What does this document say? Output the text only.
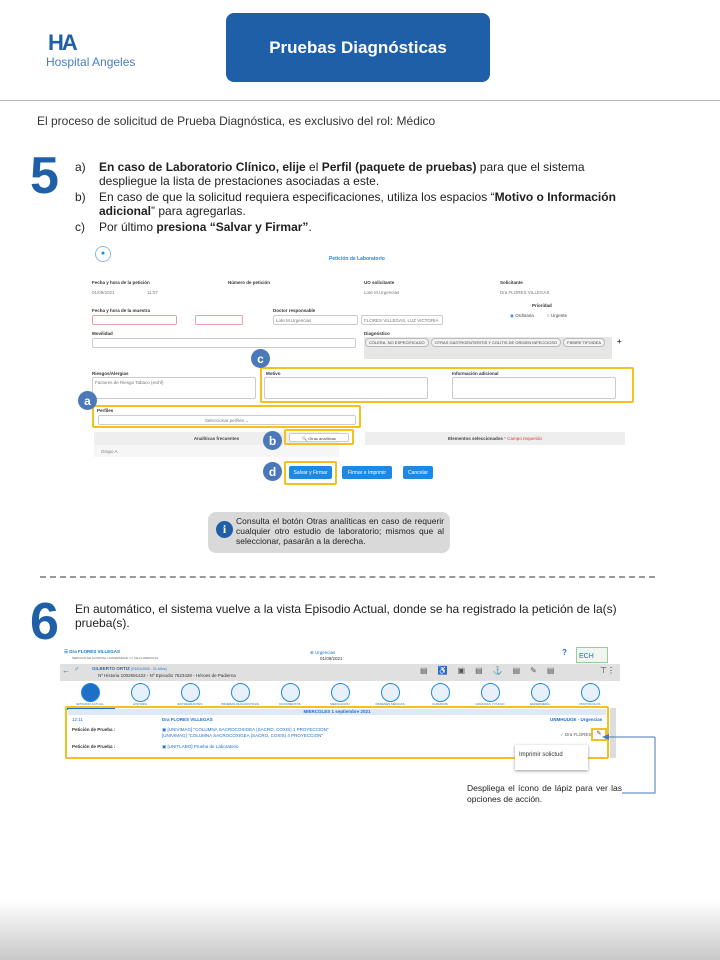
HA
Hospital Angeles
Pruebas Diagnósticas
El proceso de solicitud de Prueba Diagnóstica, es exclusivo del rol: Médico
5 a)	En caso de Laboratorio Clínico, elije el Perfil (paquete de pruebas) para que el sistema despliegue la lista de prestaciones asociadas a este.
b)	En caso de que la solicitud requiera especificaciones, utiliza los espacios “Motivo o Información adicional” para agregarlas.
c)	Por último presiona “Salvar y Firmar”.
●
Petición de Laboratorio
Fecha y hora de la petición
01/09/2021	11:07
Número de petición	UO solicitante
Lote M.Urgencias
Solicitante
Dra FLORES VILLEGAS
Fecha y hora de la muestra	Doctor responsable
Lote M.Urgencias	FLORES VILLEGAS, LUZ VICTORIA
Prioridad
◉ Ordinaria	○ Urgente
Movilidad	Diagnóstico
CÓLERA, NO ESPECIFICADO	OTRAS GASTROENTERITIS Y COLITIS DE ORIGEN INFECCIOSO	FIEBRE TIFOIDEA	+
Riesgos/Alergias
Factores de Riesgo Tabaco (ecihf)
Motivo	Información adicional
Perfiles
Seleccionar perfiles ⌄
Analíticas frecuentes
Grupo A
🔍 Otras analíticas	Elementos seleccionados * Campo requerido
Salvar y Firmar	Firmar e Imprimir	Cancelar
c
a
b
d
i
Consulta el botón Otras analíticas en caso de requerir cualquier otro estudio de laboratorio; mismos que al seleccionar, pasarán a la derecha.
6 En automático, el sistema vuelve a la vista Episodio Actual, donde se ha registrado la petición de la(s) prueba(s).
☰ Dra FLORES VILLEGAS
SERVICIO DE HOSPITAL UNIVERSIDAD / U. DE FLORES/CAS
⊕ Urgencias
01/09/2021
?	ECH
← ♂	GILBERTO ORTIZ (01/01/2000 - 21 Años)
Nº Historia 1002691422 - Nº Episodio 7623428 - Héroes de Padierna
▤♿▣▤⚓▤✎▤	⊤⋮
EPISODIO ACTUAL	HISTORIA	ENTREGRANTES	PRUEBAS DIAGNÓSTICAS	DOCUMENTOS	MEDICACIÓN	ÓRDENES MÉDICAS	CUIDADOS	GRÁFICAS Y PULSO	ENFERMERÍA	PROTOCOLOS
MIERCOLES 1 septiembre 2021
12:11	Dra FLORES VILLEGAS	UNMHUUGE - Urgencias
Petición de Prueba :	▣ [UNIVIMAG] "COLUMNA SACROCOXIGEA (SACRO, COXIS) 1 PROYECCION"
[UNIVIMAG] "COLUMNA SACROCOXIGEA (SACRO, COXIS) 4 PROYECCION"	✓ Dra FLORES
Petición de Prueba :	▣ [UNITLABO] Prueba de Laboratorio
✎
Imprimir solictud
Despliega el ícono de lápiz para ver las opciones de acción.
